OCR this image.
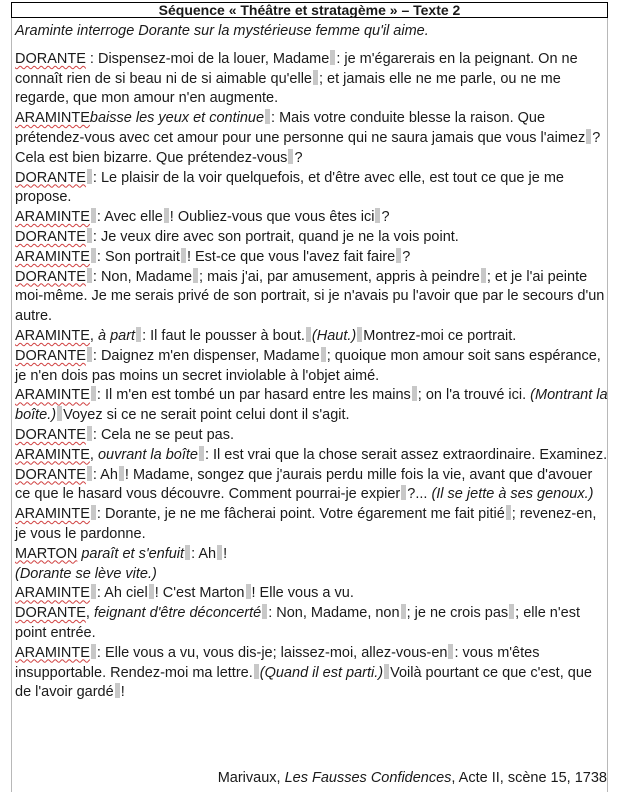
Séquence « Théâtre et stratagème » – Texte 2

Araminte interroge Dorante sur la mystérieuse femme qu'il aime.

DORANTE : Dispensez-moi de la louer, Madame : je m'égarerais en la peignant. On ne connaît rien de si beau ni de si aimable qu'elle ; et jamais elle ne me parle, ou ne me regarde, que mon amour n'en augmente.

ARAMINTEbaisse les yeux et continue : Mais votre conduite blesse la raison. Que prétendez-vous avec cet amour pour une personne qui ne saura jamais que vous l'aimez ? Cela est bien bizarre. Que prétendez-vous ?

DORANTE : Le plaisir de la voir quelquefois, et d'être avec elle, est tout ce que je me propose.

ARAMINTE : Avec elle ! Oubliez-vous que vous êtes ici ?

DORANTE : Je veux dire avec son portrait, quand je ne la vois point.

ARAMINTE : Son portrait ! Est-ce que vous l'avez fait faire ?

DORANTE : Non, Madame ; mais j'ai, par amusement, appris à peindre ; et je l'ai peinte moi-même. Je me serais privé de son portrait, si je n'avais pu l'avoir que par le secours d'un autre.

ARAMINTE, à part : Il faut le pousser à bout. (Haut.) Montrez-moi ce portrait.

DORANTE : Daignez m'en dispenser, Madame ; quoique mon amour soit sans espérance, je n'en dois pas moins un secret inviolable à l'objet aimé.

ARAMINTE : Il m'en est tombé un par hasard entre les mains ; on l'a trouvé ici. (Montrant la boîte.) Voyez si ce ne serait point celui dont il s'agit.

DORANTE : Cela ne se peut pas.

ARAMINTE, ouvrant la boîte : Il est vrai que la chose serait assez extraordinaire. Examinez.

DORANTE : Ah ! Madame, songez que j'aurais perdu mille fois la vie, avant que d'avouer ce que le hasard vous découvre. Comment pourrai-je expier ?... (Il se jette à ses genoux.)

ARAMINTE : Dorante, je ne me fâcherai point. Votre égarement me fait pitié ; revenez-en, je vous le pardonne.

MARTON paraît et s'enfuit : Ah !

(Dorante se lève vite.)

ARAMINTE : Ah ciel ! C'est Marton ! Elle vous a vu.

DORANTE, feignant d'être déconcerté : Non, Madame, non ; je ne crois pas ; elle n'est point entrée.

ARAMINTE : Elle vous a vu, vous dis-je; laissez-moi, allez-vous-en : vous m'êtes insupportable. Rendez-moi ma lettre. (Quand il est parti.) Voilà pourtant ce que c'est, que de l'avoir gardé !

Marivaux, Les Fausses Confidences, Acte II, scène 15, 1738
